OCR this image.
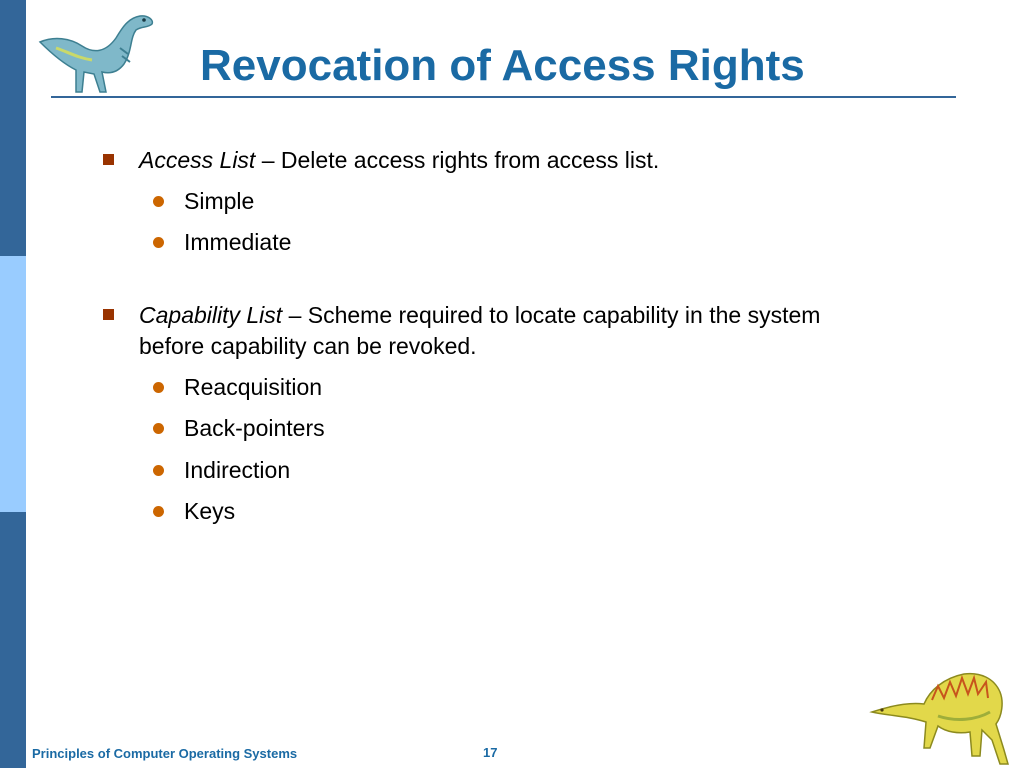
Revocation of Access Rights
Access List – Delete access rights from access list.
Simple
Immediate
Capability List – Scheme required to locate capability in the system
before capability can be revoked.
Reacquisition
Back-pointers
Indirection
Keys
Principles of Computer Operating Systems	17
